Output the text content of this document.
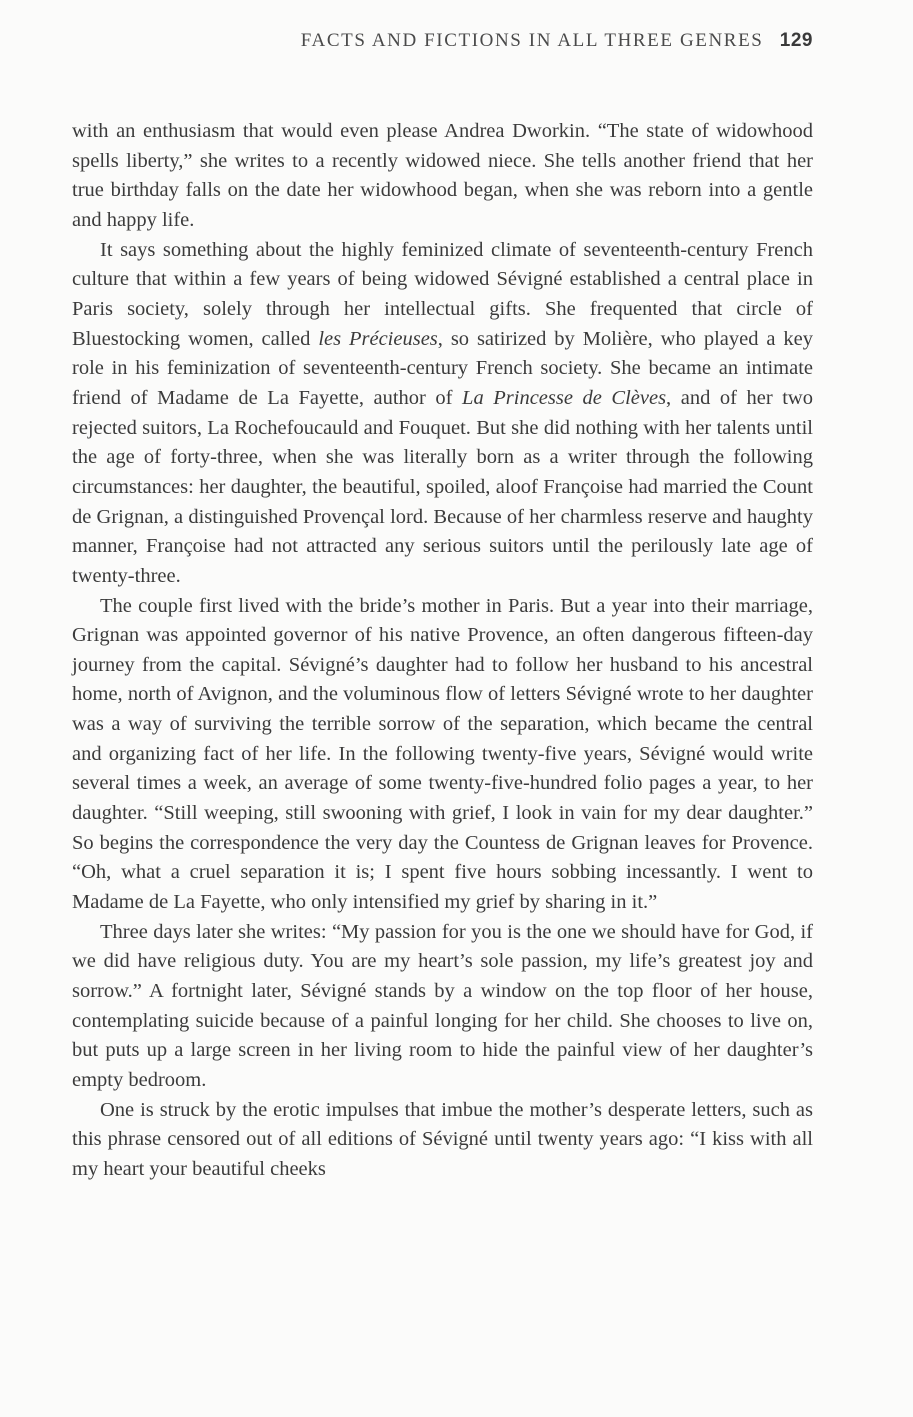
FACTS AND FICTIONS IN ALL THREE GENRES 129

with an enthusiasm that would even please Andrea Dworkin. “The state of widowhood spells liberty,” she writes to a recently widowed niece. She tells another friend that her true birthday falls on the date her widowhood began, when she was reborn into a gentle and happy life.

It says something about the highly feminized climate of seventeenth-century French culture that within a few years of being widowed Sévigné established a central place in Paris society, solely through her intellectual gifts. She frequented that circle of Bluestocking women, called les Précieuses, so satirized by Molière, who played a key role in his feminization of seventeenth-century French society. She became an intimate friend of Madame de La Fayette, author of La Princesse de Clèves, and of her two rejected suitors, La Rochefoucauld and Fouquet. But she did nothing with her talents until the age of forty-three, when she was literally born as a writer through the following circumstances: her daughter, the beautiful, spoiled, aloof Françoise had married the Count de Grignan, a distinguished Provençal lord. Because of her charmless reserve and haughty manner, Françoise had not attracted any serious suitors until the perilously late age of twenty-three.

The couple first lived with the bride’s mother in Paris. But a year into their marriage, Grignan was appointed governor of his native Provence, an often dangerous fifteen-day journey from the capital. Sévigné’s daughter had to follow her husband to his ancestral home, north of Avignon, and the voluminous flow of letters Sévigné wrote to her daughter was a way of surviving the terrible sorrow of the separation, which became the central and organizing fact of her life. In the following twenty-five years, Sévigné would write several times a week, an average of some twenty-five-hundred folio pages a year, to her daughter. “Still weeping, still swooning with grief, I look in vain for my dear daughter.” So begins the correspondence the very day the Countess de Grignan leaves for Provence. “Oh, what a cruel separation it is; I spent five hours sobbing incessantly. I went to Madame de La Fayette, who only intensified my grief by sharing in it.”

Three days later she writes: “My passion for you is the one we should have for God, if we did have religious duty. You are my heart’s sole passion, my life’s greatest joy and sorrow.” A fortnight later, Sévigné stands by a window on the top floor of her house, contemplating suicide because of a painful longing for her child. She chooses to live on, but puts up a large screen in her living room to hide the painful view of her daughter’s empty bedroom.

One is struck by the erotic impulses that imbue the mother’s desperate letters, such as this phrase censored out of all editions of Sévigné until twenty years ago: “I kiss with all my heart your beautiful cheeks
